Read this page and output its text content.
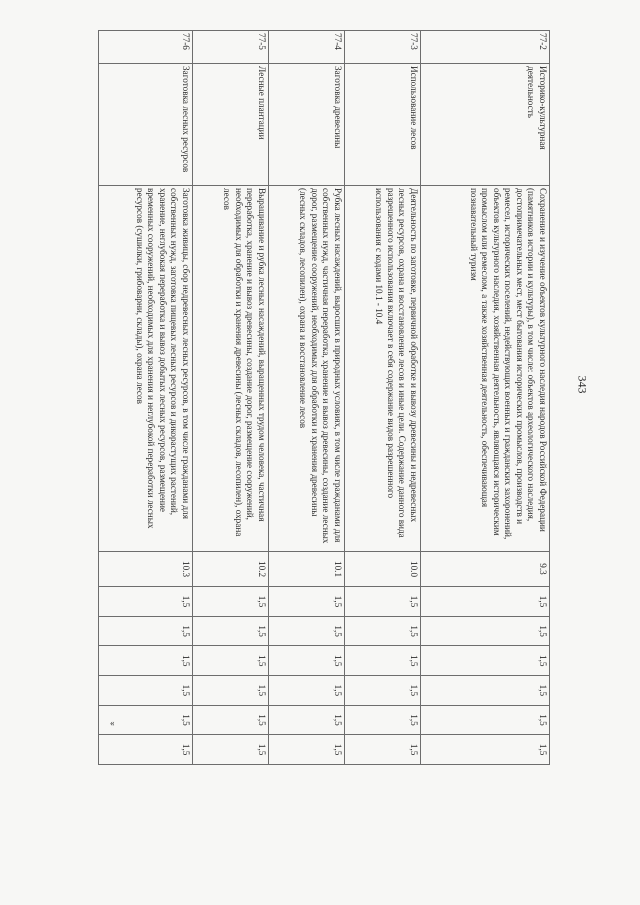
343
«
77-2	Историко-культурная деятельность	Сохранение и изучение объектов культурного наследия народов Российской Федерации (памятников истории и культуры), в том числе: объектов археологического наследия, достопримечательных мест, мест бытования исторических промыслов, производств и ремесел, исторических поселений, недействующих военных и гражданских захоронений, объектов культурного наследия, хозяйственная деятельность, являющаяся историческим промыслом или ремеслом, а также хозяйственная деятельность, обеспечивающая познавательный туризм	9.3	1,5	1,5	1,5	1,5	1,5	1,5
77-3	Использование лесов	Деятельность по заготовке, первичной обработке и вывозу древесины и недревесных лесных ресурсов, охрана и восстановление лесов и иные цели. Содержание данного вида разрешенного использования включает в себя содержание видов разрешенного использования с кодами 10.1 - 10.4	10.0	1,5	1,5	1,5	1,5	1,5	1,5
77-4	Заготовка древесины	Рубка лесных насаждений, выросших в природных условиях, в том числе гражданами для собственных нужд, частичная переработка, хранение и вывоз древесины, создание лесных дорог, размещение сооружений, необходимых для обработки и хранения древесины (лесных складов, лесопилен), охрана и восстановление лесов	10.1	1,5	1,5	1,5	1,5	1,5	1,5
77-5	Лесные плантации	Выращивание и рубка лесных насаждений, выращенных трудом человека, частичная переработка, хранение и вывоз древесины, создание дорог, размещение сооружений, необходимых для обработки и хранения древесины (лесных складов, лесопилен), охрана лесов	10.2	1,5	1,5	1,5	1,5	1,5	1,5
77-6	Заготовка лесных ресурсов	Заготовка живицы, сбор недревесных лесных ресурсов, в том числе гражданами для собственных нужд, заготовка пищевых лесных ресурсов и дикорастущих растений, хранение, неглубокая переработка и вывоз добытых лесных ресурсов, размещение временных сооружений, необходимых для хранения и неглубокой переработки лесных ресурсов (сушилки, грибоварни, склады), охрана лесов	10.3	1,5	1,5	1,5	1,5	1,5	1,5
